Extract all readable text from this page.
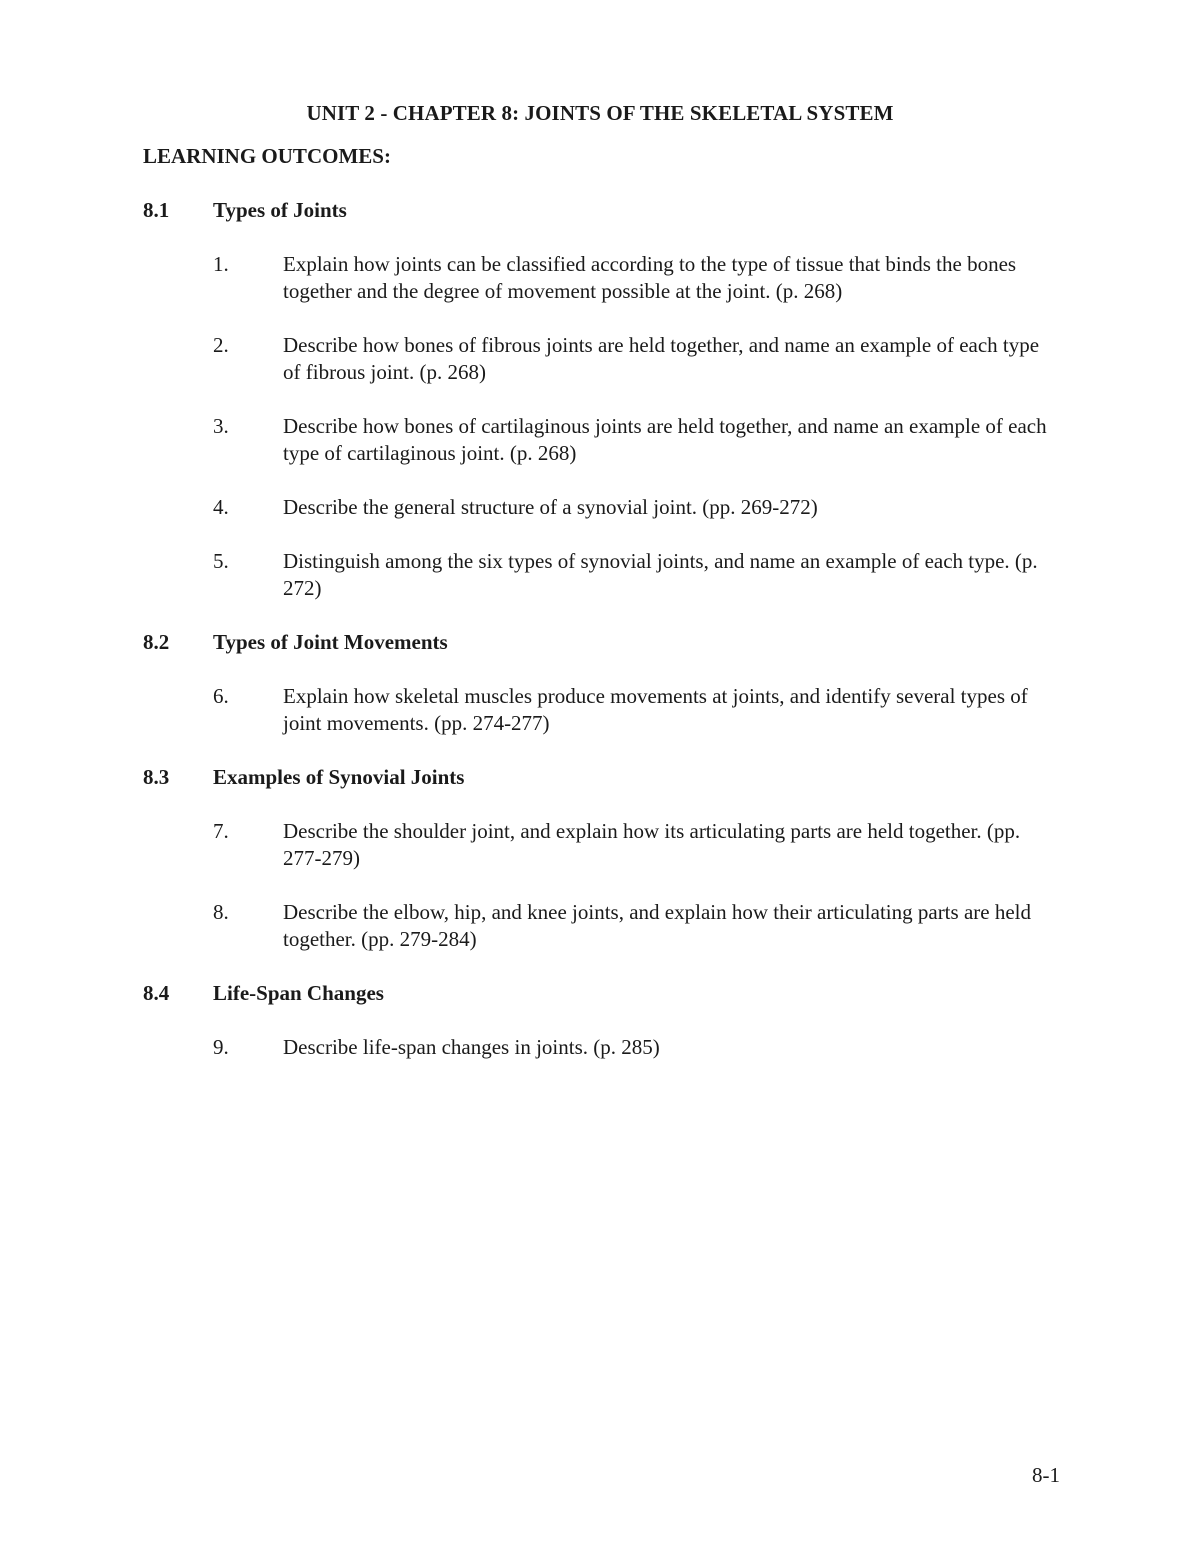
UNIT 2 - CHAPTER 8: JOINTS OF THE SKELETAL SYSTEM
LEARNING OUTCOMES:
8.1	Types of Joints
1.	Explain how joints can be classified according to the type of tissue that binds the bones together and the degree of movement possible at the joint. (p. 268)
2.	Describe how bones of fibrous joints are held together, and name an example of each type of fibrous joint. (p. 268)
3.	Describe how bones of cartilaginous joints are held together, and name an example of each type of cartilaginous joint. (p. 268)
4.	Describe the general structure of a synovial joint. (pp. 269-272)
5.	Distinguish among the six types of synovial joints, and name an example of each type. (p. 272)
8.2	Types of Joint Movements
6.	Explain how skeletal muscles produce movements at joints, and identify several types of joint movements. (pp. 274-277)
8.3	Examples of Synovial Joints
7.	Describe the shoulder joint, and explain how its articulating parts are held together. (pp. 277-279)
8.	Describe the elbow, hip, and knee joints, and explain how their articulating parts are held together. (pp. 279-284)
8.4	Life-Span Changes
9.	Describe life-span changes in joints. (p. 285)
8-1
